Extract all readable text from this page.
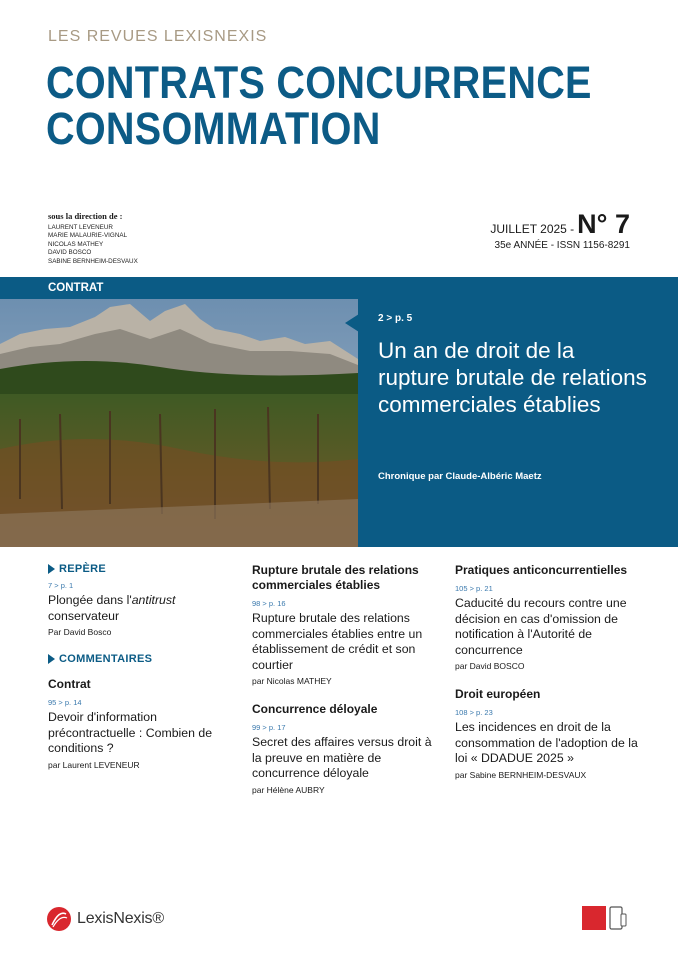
LES REVUES LEXISNEXIS
CONTRATS CONCURRENCE
CONSOMMATION
sous la direction de :
LAURENT LEVENEUR
MARIE MALAURIE-VIGNAL
NICOLAS MATHEY
DAVID BOSCO
SABINE BERNHEIM-DESVAUX
JUILLET 2025 - N° 7
35e ANNÉE - ISSN 1156-8291
CONTRAT
2 > p. 5
Un an de droit de la rupture brutale de relations commerciales établies
Chronique par Claude-Albéric Maetz
REPÈRE
7 > p. 1
Plongée dans l'antitrust conservateur
Par David Bosco
COMMENTAIRES
Contrat
95 > p. 14
Devoir d'information précontractuelle : Combien de conditions ?
par Laurent LEVENEUR
Rupture brutale des relations commerciales établies
98 > p. 16
Rupture brutale des relations commerciales établies entre un établissement de crédit et son courtier
par Nicolas MATHEY
Concurrence déloyale
99 > p. 17
Secret des affaires versus droit à la preuve en matière de concurrence déloyale
par Hélène AUBRY
Pratiques anticoncurrentielles
105 > p. 21
Caducité du recours contre une décision en cas d'omission de notification à l'Autorité de concurrence
par David BOSCO
Droit européen
108 > p. 23
Les incidences en droit de la consommation de l'adoption de la loi « DDADUE 2025 »
par Sabine BERNHEIM-DESVAUX
LexisNexis®
